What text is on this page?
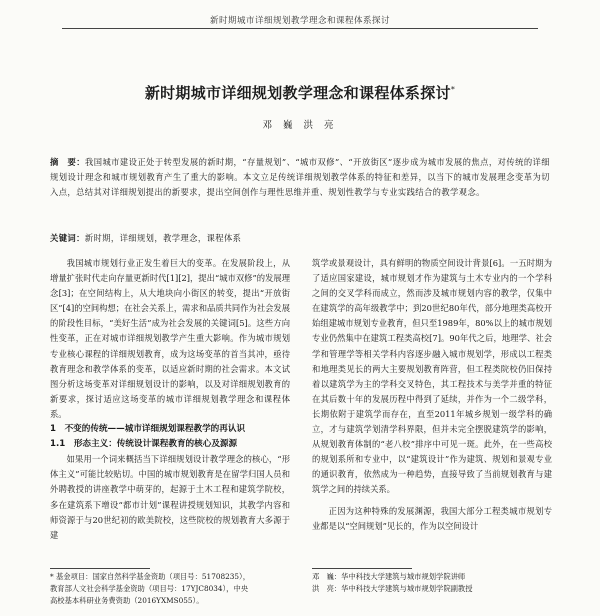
新时期城市详细规划教学理念和课程体系探讨
新时期城市详细规划教学理念和课程体系探讨*
邓 巍 洪 亮
摘　要：我国城市建设正处于转型发展的新时期，“存量规划”、“城市双修”、“开放街区”逐步成为城市发展的焦点，对传统的详细规划设计理念和城市规划教育产生了重大的影响。本文立足传统详细规划教学体系的特征和差异，以当下的城市发展理念变革为切入点，总结其对详细规划提出的新要求，提出空间创作与理性思维并重、规划性教学与专业实践结合的教学观念。
关键词：新时期，详细规划，教学理念，课程体系

我国城市规划行业正发生着巨大的变革。在发展阶段上，从增量扩张时代走向存量更新时代[1][2]，提出“城市双修”的发展理念[3]；在空间结构上，从大地块向小街区的转变，提出“开放街区”[4]的空间构想；在社会关系上，需求和品质共同作为社会发展的阶段性目标，“美好生活”成为社会发展的关键词[5]。这些方向性变革，正在对城市详细规划教学产生重大影响。作为城市规划专业核心课程的详细规划教育，成为这场变革的首当其冲，亟待教育理念和教学体系的变革，以适应新时期的社会需求。本文试图分析这场变革对详细规划设计的影响，以及对详细规划教育的新要求，探讨适应这场变革的城市详细规划教学理念和课程体系。

1　不变的传统——城市详细规划课程教学的再认识

1.1　形态主义：传统设计课程教育的核心及源源

如果用一个词来概括当下详细规划设计教学理念的核心，“形体主义”可能比较贴切。中国的城市规划教育是在留学归国人员和外聘教授的讲座教学中萌芽的，起源于土木工程和建筑学院校，多在建筑系下增设“都市计划”课程讲授规划知识，其教学内容和师资源于与20世纪初的欧美院校，这些院校的规划教育大多源于建

筑学或景观设计，具有鲜明的物质空间设计背景[6]。一五时期为了适应国家建设，城市规划才作为建筑与土木专业内的一个学科之间的交叉学科而成立，然而涉及城市规划内容的教学，仅集中在建筑学的高年级教学中；到20世纪80年代，部分地理类高校开始组建城市规划专业教育，但只至1989年，80%以上的城市规划专业仍然集中在建筑工程类高校[7]。90年代之后，地理学、社会学和管理学等相关学科内容逐步融入城市规划学，形成以工程类和地理类见长的两大主要规划教育阵营，但工程类院校仍旧保持着以建筑学为主的学科交叉特色，其工程技术与美学并重的特征在其后数十年的发展历程中得到了延续，并作为一个二级学科，长期依附于建筑学而存在，直至2011年城乡规划一级学科的确立，才与建筑学划清学科界限，但并未完全摆脱建筑学的影响，从规划教育体制的“老八校”排序中可见一斑。此外，在一些高校的规划系所和专业中，以“建筑设计”作为建筑、规划和景观专业的通识教育，依然成为一种趋势，直接导致了当前规划教育与建筑学之间的持续关系。

正因为这种特殊的发展渊源，我国大部分工程类城市规划专业都是以“空间规划”见长的，作为以空间设计

* 基金项目：国家自然科学基金资助（项目号：51708235），
教育部人文社会科学基金资助（项目号：17YJC8034），中央
高校基本科研业务费资助（2016YXMS055）。
邓　巍：华中科技大学建筑与城市规划学院讲师
洪　亮：华中科技大学建筑与城市规划学院副教授
